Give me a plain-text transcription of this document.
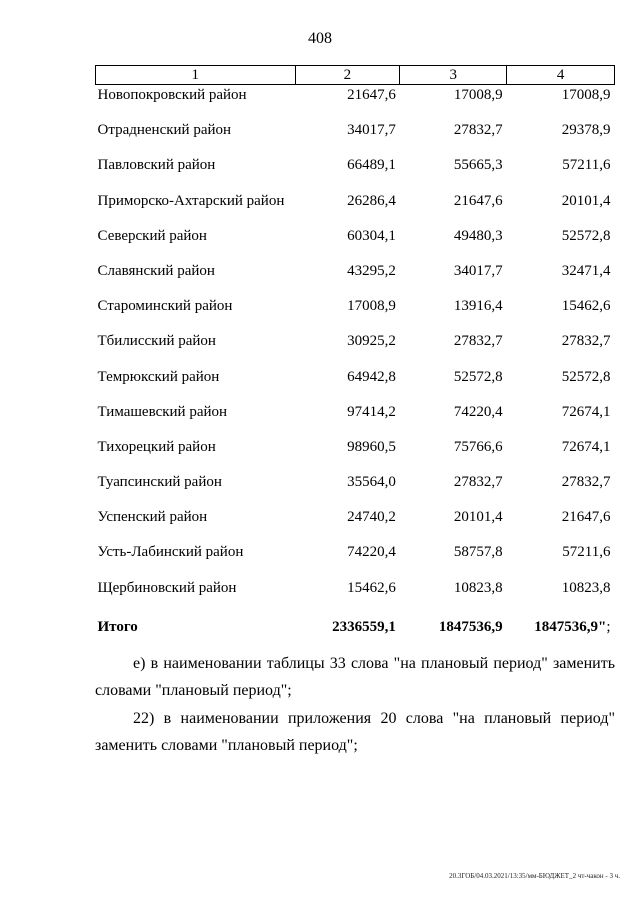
408
1	2	3	4
Новопокровский район	21647,6	17008,9	17008,9
Отрадненский район	34017,7	27832,7	29378,9
Павловский район	66489,1	55665,3	57211,6
Приморско-Ахтарский район	26286,4	21647,6	20101,4
Северский район	60304,1	49480,3	52572,8
Славянский район	43295,2	34017,7	32471,4
Староминский район	17008,9	13916,4	15462,6
Тбилисский район	30925,2	27832,7	27832,7
Темрюкский район	64942,8	52572,8	52572,8
Тимашевский район	97414,2	74220,4	72674,1
Тихорецкий район	98960,5	75766,6	72674,1
Туапсинский район	35564,0	27832,7	27832,7
Успенский район	24740,2	20101,4	21647,6
Усть-Лабинский район	74220,4	58757,8	57211,6
Щербиновский район	15462,6	10823,8	10823,8
Итого	2336559,1	1847536,9	1847536,9";
е) в наименовании таблицы 33 слова "на плановый период" заменить словами "плановый период";
22) в наименовании приложения 20 слова "на плановый период" заменить словами "плановый период";
20.3ГОБ/04.03.2021/13:35/мм-БЮДЖЕТ_2 чт-чакон - 3 ч.
